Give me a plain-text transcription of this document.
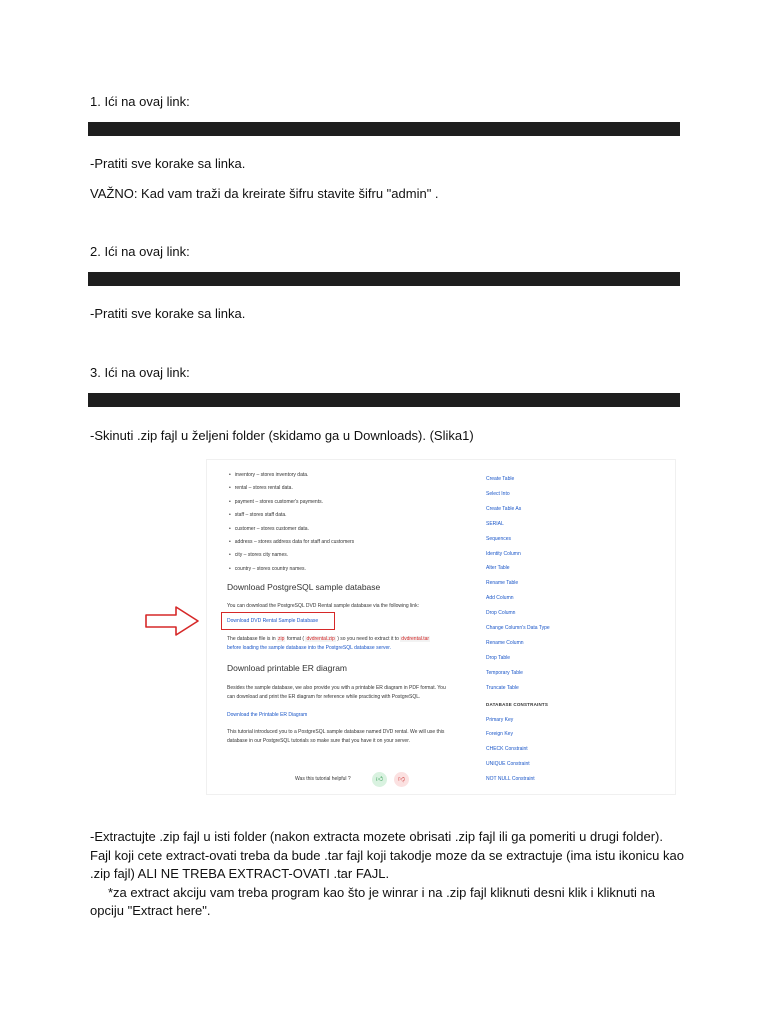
1. Ići na ovaj link:
-Pratiti sve korake sa linka.
VAŽNO: Kad vam traži da kreirate šifru stavite šifru "admin" .
2. Ići na ovaj link:
-Pratiti sve korake sa linka.
3. Ići na ovaj link:
-Skinuti .zip fajl u željeni folder (skidamo ga u Downloads). (Slika1)
• inventory – stores inventory data.
• rental – stores rental data.
• payment – stores customer's payments.
• staff – stores staff data.
• customer – stores customer data.
• address – stores address data for staff and customers
• city – stores city names.
• country – stores country names.
Download PostgreSQL sample database
You can download the PostgreSQL DVD Rental sample database via the following link:
Download DVD Rental Sample Database
The database file is in zip format ( dvdrental.zip ) so you need to extract it to dvdrental.tar
before loading the sample database into the PostgreSQL database server.
Download printable ER diagram
Besides the sample database, we also provide you with a printable ER diagram in PDF format. You
can download and print the ER diagram for reference while practicing with PostgreSQL.
Download the Printable ER Diagram
This tutorial introduced you to a PostgreSQL sample database named DVD rental. We will use this
database in our PostgreSQL tutorials so make sure that you have it on your server.
Was this tutorial helpful ?	👍︎	👎︎
Create Table
Select Into
Create Table As
SERIAL
Sequences
Identity Column
Alter Table
Rename Table
Add Column
Drop Column
Change Column's Data Type
Rename Column
Drop Table
Temporary Table
Truncate Table
DATABASE CONSTRAINTS
Primary Key
Foreign Key
CHECK Constraint
UNIQUE Constraint
NOT NULL Constraint

-Extractujte .zip fajl u isti folder (nakon extracta mozete obrisati .zip fajl ili ga pomeriti u drugi folder).

Fajl koji cete extract-ovati treba da bude .tar fajl koji takodje moze da se extractuje (ima istu ikonicu kao

.zip fajl) ALI NE TREBA EXTRACT-OVATI .tar FAJL.

*za extract akciju vam treba program kao što je winrar i na .zip fajl kliknuti desni klik i kliknuti na

opciju "Extract here".
